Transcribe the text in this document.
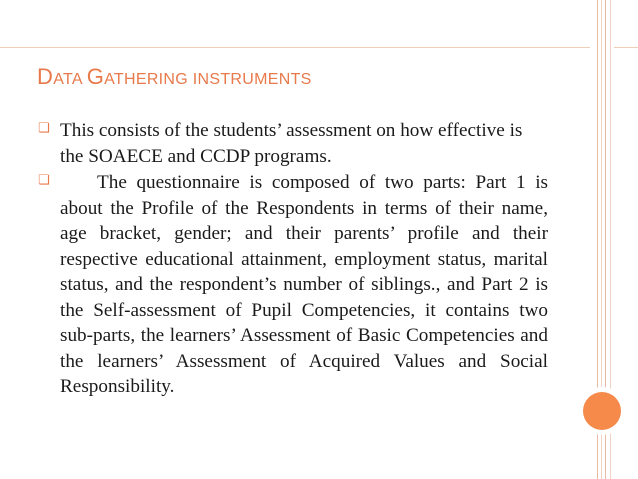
DATA GATHERING INSTRUMENTS
❏ This consists of the students’ assessment on how effective is the SOAECE and CCDP programs.
❏	The questionnaire is composed of two parts: Part 1 is about the Profile of the Respondents in terms of their name, age bracket, gender; and their parents’ profile and their respective educational attainment, employment status, marital status, and the respondent’s number of siblings., and Part 2 is the Self-assessment of Pupil Competencies, it contains two sub-parts, the learners’ Assessment of Basic Competencies and the learners’ Assessment of Acquired Values and Social Responsibility.
